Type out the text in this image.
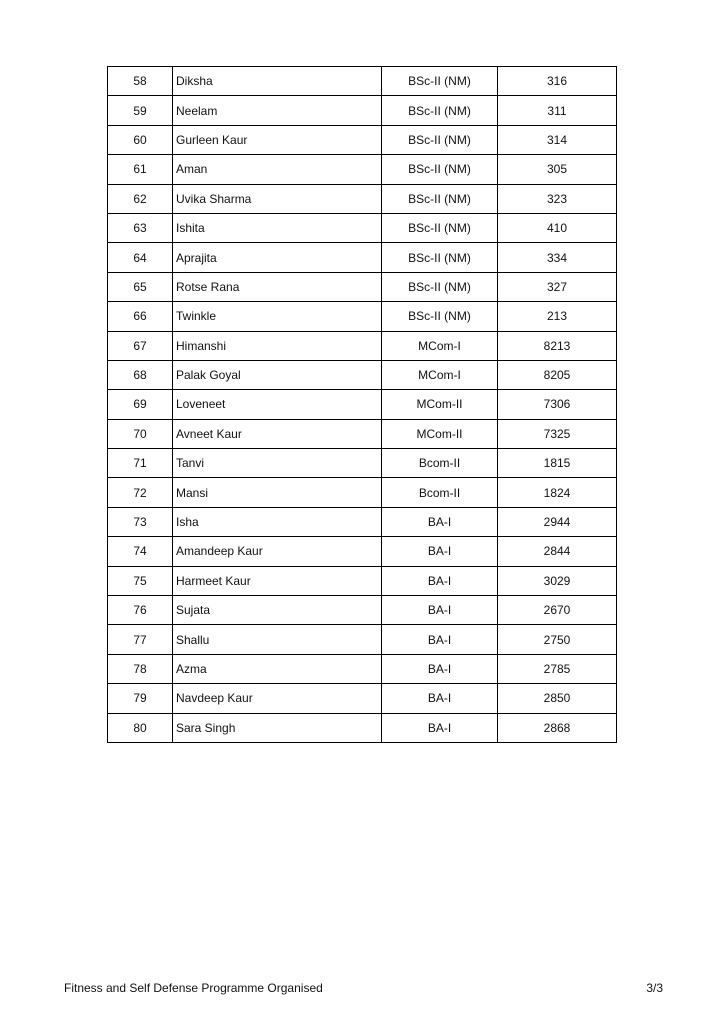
58	Diksha	BSc-II (NM)	316
59	Neelam	BSc-II (NM)	311
60	Gurleen Kaur	BSc-II (NM)	314
61	Aman	BSc-II (NM)	305
62	Uvika Sharma	BSc-II (NM)	323
63	Ishita	BSc-II (NM)	410
64	Aprajita	BSc-II (NM)	334
65	Rotse Rana	BSc-II (NM)	327
66	Twinkle	BSc-II (NM)	213
67	Himanshi	MCom-I	8213
68	Palak Goyal	MCom-I	8205
69	Loveneet	MCom-II	7306
70	Avneet Kaur	MCom-II	7325
71	Tanvi	Bcom-II	1815
72	Mansi	Bcom-II	1824
73	Isha	BA-I	2944
74	Amandeep Kaur	BA-I	2844
75	Harmeet Kaur	BA-I	3029
76	Sujata	BA-I	2670
77	Shallu	BA-I	2750
78	Azma	BA-I	2785
79	Navdeep Kaur	BA-I	2850
80	Sara Singh	BA-I	2868
Fitness and Self Defense Programme Organised	3/3
